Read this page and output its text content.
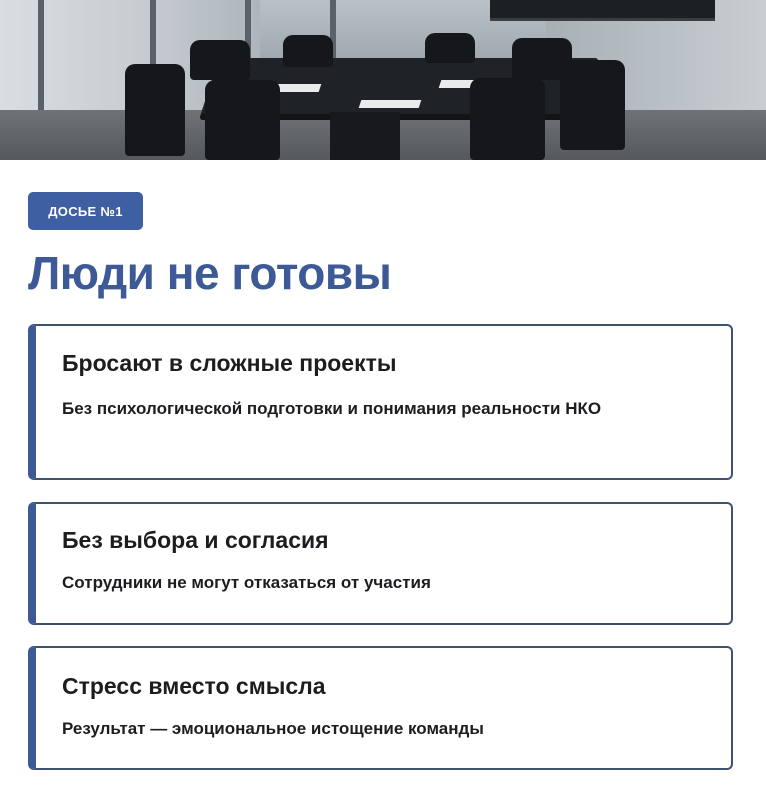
ДОСЬЕ №1
Люди не готовы
Бросают в сложные проекты
Без психологической подготовки и понимания реальности НКО
Без выбора и согласия
Сотрудники не могут отказаться от участия
Стресс вместо смысла
Результат — эмоциональное истощение команды
